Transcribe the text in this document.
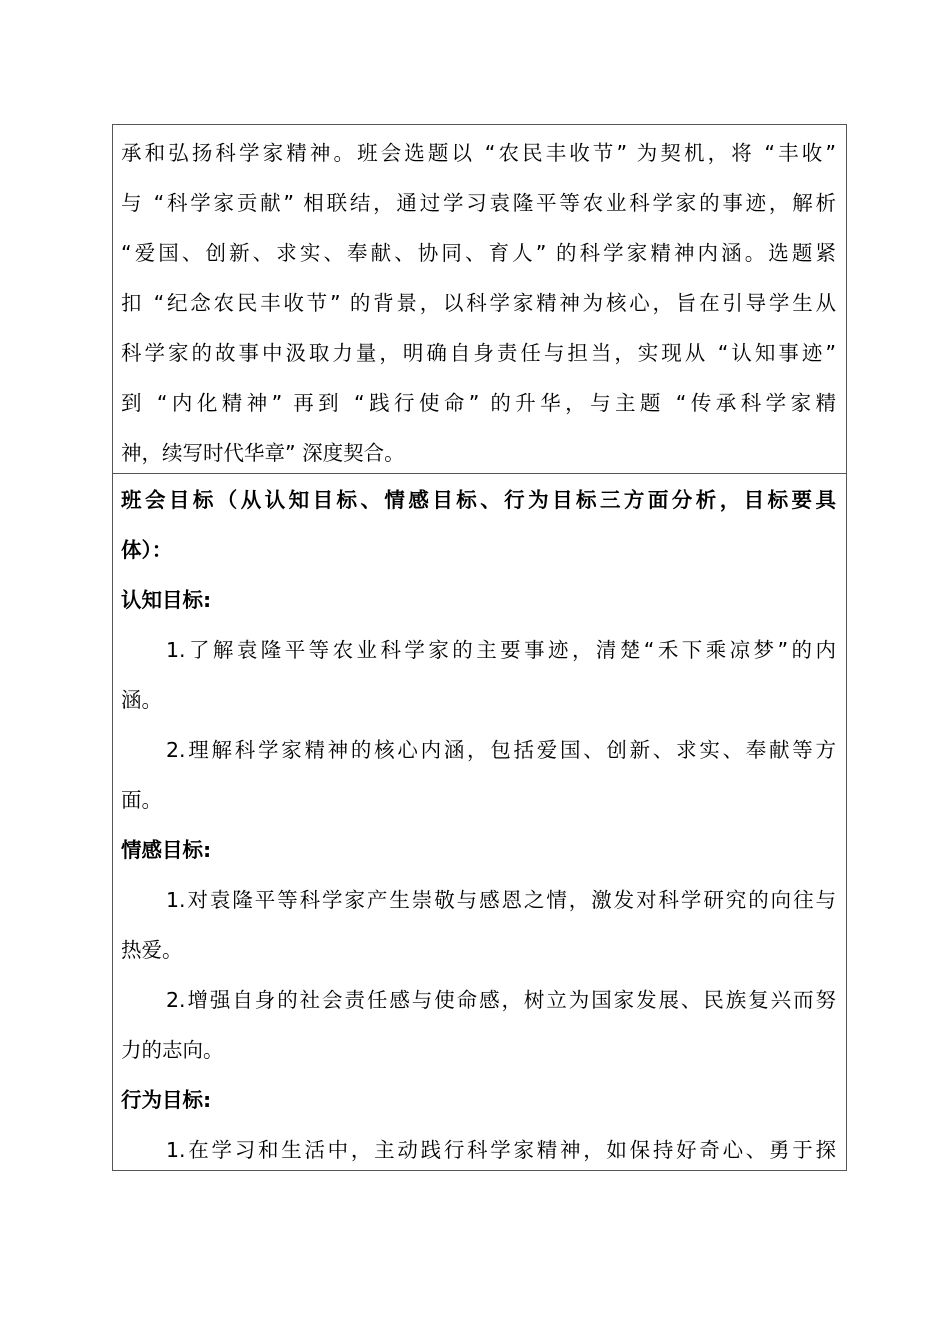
承和弘扬科学家精神。班会选题以 “农民丰收节” 为契机，将 “丰收”

与 “科学家贡献” 相联结，通过学习袁隆平等农业科学家的事迹，解析

“爱国、创新、求实、奉献、协同、育人” 的科学家精神内涵。选题紧

扣 “纪念农民丰收节” 的背景，以科学家精神为核心，旨在引导学生从

科学家的故事中汲取力量，明确自身责任与担当，实现从 “认知事迹”

到 “内化精神” 再到 “践行使命” 的升华，与主题 “传承科学家精

神，续写时代华章” 深度契合。

班会目标（从认知目标、情感目标、行为目标三方面分析，目标要具

体）：

认知目标:

1.了解袁隆平等农业科学家的主要事迹，清楚“禾下乘凉梦”的内

涵。

2.理解科学家精神的核心内涵，包括爱国、创新、求实、奉献等方

面。

情感目标:

1.对袁隆平等科学家产生崇敬与感恩之情，激发对科学研究的向往与

热爱。

2.增强自身的社会责任感与使命感，树立为国家发展、民族复兴而努

力的志向。

行为目标:

1.在学习和生活中，主动践行科学家精神，如保持好奇心、勇于探
